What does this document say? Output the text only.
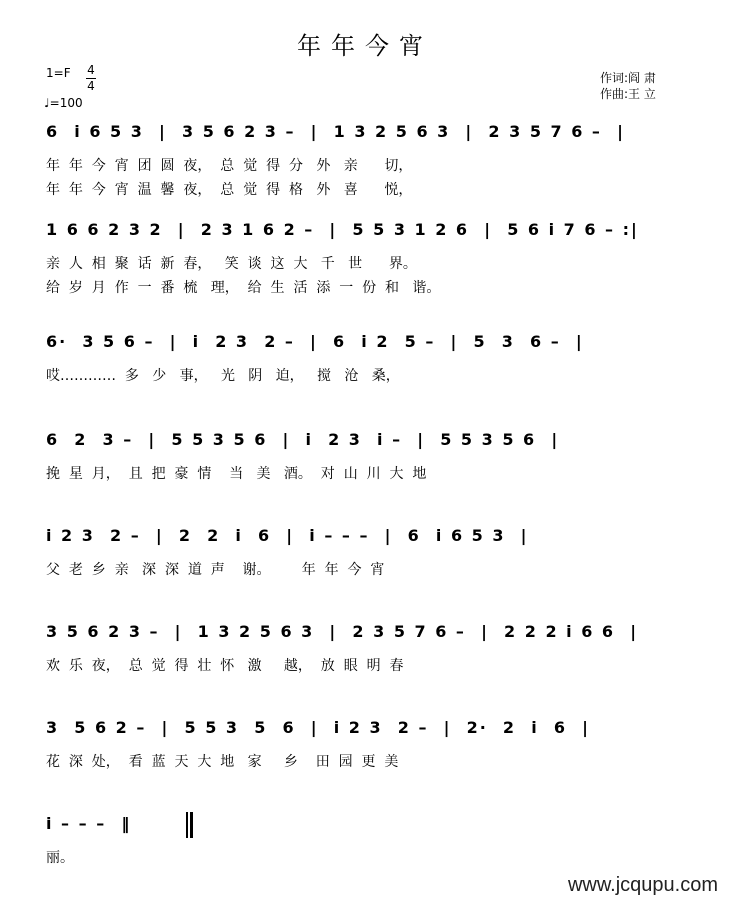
年年今宵
1=F 4
4
♩=100
作词:阎 肃
作曲:王 立
6  i 6 5 3  |  3 5 6 2 3 –  |  1 3 2 5 6 3  |  2 3 5 7 6 –  |
年  年  今  宵  团  圆  夜，  总  觉  得  分   外   亲      切，
年  年  今  宵  温  馨  夜，  总  觉  得  格   外   喜      悦，
1 6 6 2 3 2  |  2 3 1 6 2 –  |  5 5 3 1 2 6  |  5 6 i 7 6 – :|
亲  人  相  聚  话  新  春，   笑  谈  这  大   千   世      界。
给  岁  月  作  一  番  梳   理，  给  生  活  添  一  份  和   谐。
6·  3 5 6 –  |  i  2 3  2 –  |  6  i 2  5 –  |  5  3  6 –  |
哎…………  多   少   事，   光   阴   迫，   搅   沧   桑，
6  2  3 –  |  5 5 3 5 6  |  i  2 3  i –  |  5 5 3 5 6  |
挽  星  月，  且  把  豪  情    当   美   酒。  对  山  川  大  地
i 2 3  2 –  |  2  2  i  6  |  i – – –  |  6  i 6 5 3  |
父  老  乡  亲   深  深  道  声    谢。       年  年  今  宵
3 5 6 2 3 –  |  1 3 2 5 6 3  |  2 3 5 7 6 –  |  2 2 2 i 6 6  |
欢  乐  夜，  总  觉  得  壮  怀   激     越，  放  眼  明  春
3  5 6 2 –  |  5 5 3  5  6  |  i 2 3  2 –  |  2·  2  i  6  |
花  深  处，  看  蓝  天  大  地   家     乡    田  园  更  美
i – – –  ‖
丽。
www.jcqupu.com
